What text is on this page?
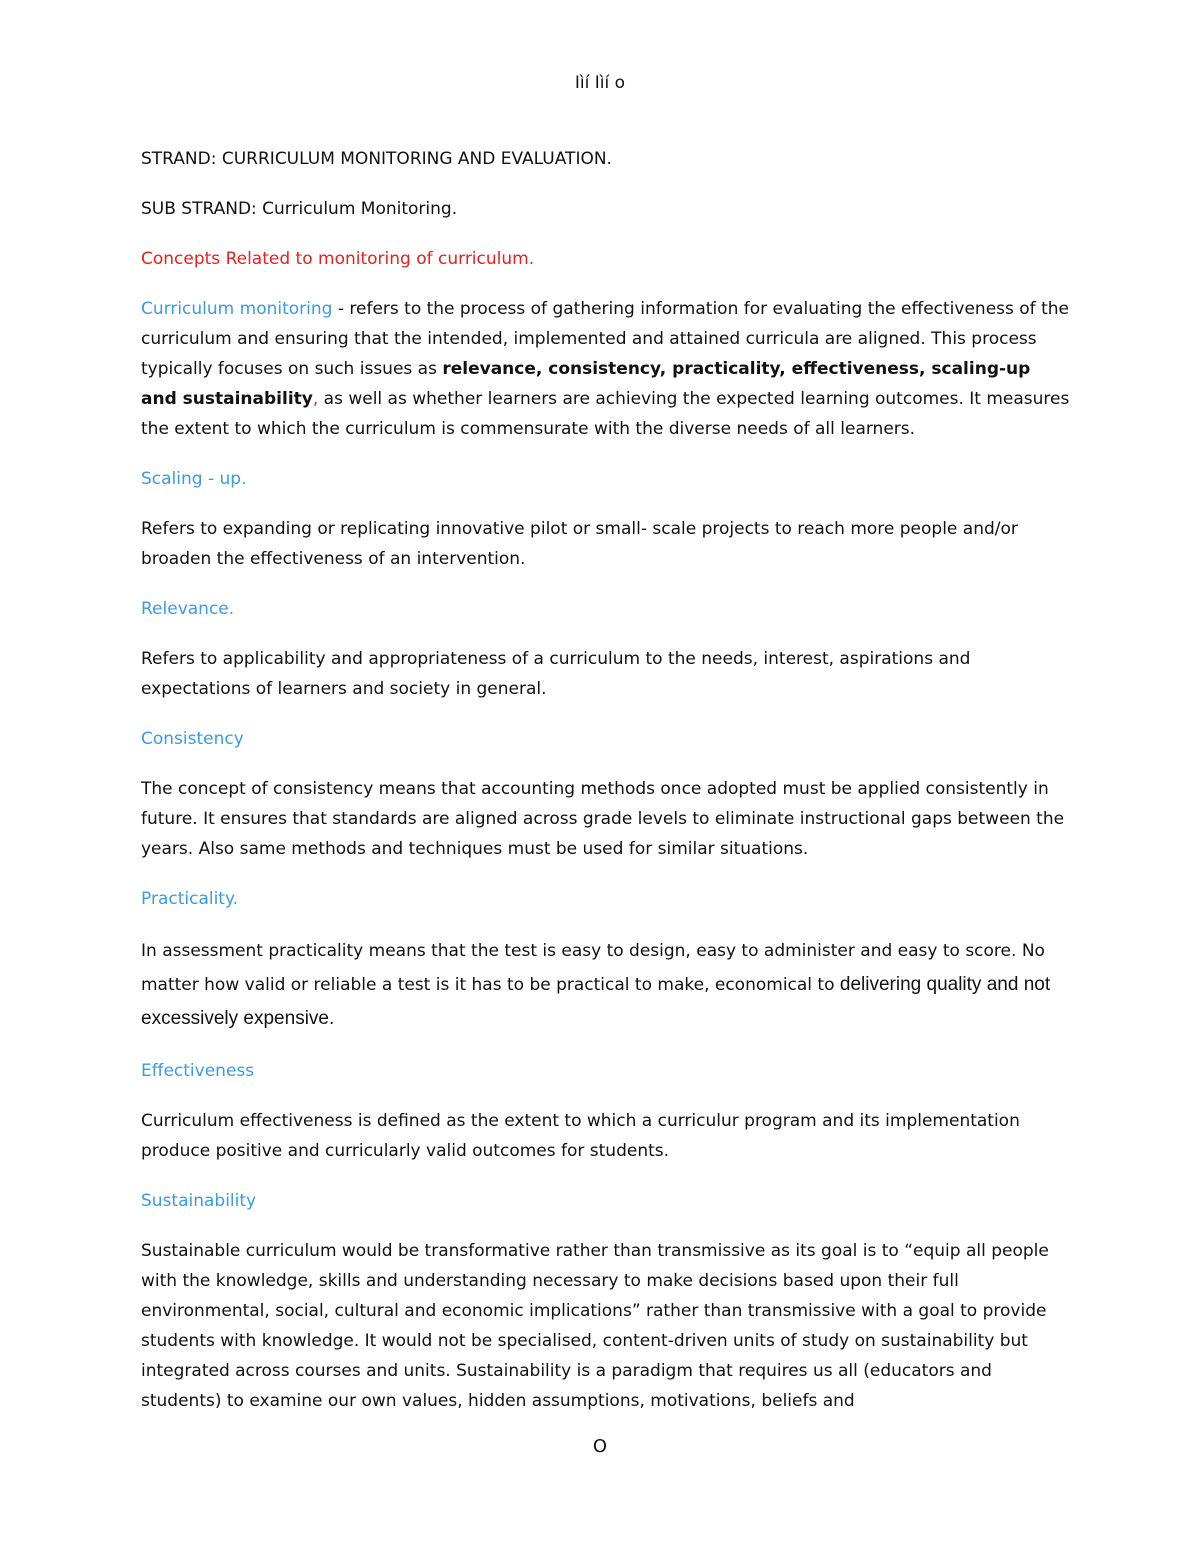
Iìí Iìí o

STRAND: CURRICULUM MONITORING AND EVALUATION.

SUB STRAND: Curriculum Monitoring.

Concepts Related to monitoring of curriculum.

Curriculum monitoring - refers to the process of gathering information for evaluating the effectiveness of the curriculum and ensuring that the intended, implemented and attained curricula are aligned. This process typically focuses on such issues as relevance, consistency, practicality, effectiveness, scaling-up and sustainability, as well as whether learners are achieving the expected learning outcomes. It measures the extent to which the curriculum is commensurate with the diverse needs of all learners.

Scaling - up.

Refers to expanding or replicating innovative pilot or small- scale projects to reach more people and/or broaden the effectiveness of an intervention.

Relevance.

Refers to applicability and appropriateness of a curriculum to the needs, interest, aspirations and expectations of learners and society in general.

Consistency

The concept of consistency means that accounting methods once adopted must be applied consistently in future. It ensures that standards are aligned across grade levels to eliminate instructional gaps between the years. Also same methods and techniques must be used for similar situations.

Practicality.

In assessment practicality means that the test is easy to design, easy to administer and easy to score. No matter how valid or reliable a test is it has to be practical to make, economical to delivering quality and not excessively expensive.

Effectiveness

Curriculum effectiveness is defined as the extent to which a curriculur program and its implementation produce positive and curricularly valid outcomes for students.

Sustainability

Sustainable curriculum would be transformative rather than transmissive as its goal is to “equip all people with the knowledge, skills and understanding necessary to make decisions based upon their full environmental, social, cultural and economic implications” rather than transmissive with a goal to provide students with knowledge. It would not be specialised, content-driven units of study on sustainability but integrated across courses and units. Sustainability is a paradigm that requires us all (educators and students) to examine our own values, hidden assumptions, motivations, beliefs and

O
